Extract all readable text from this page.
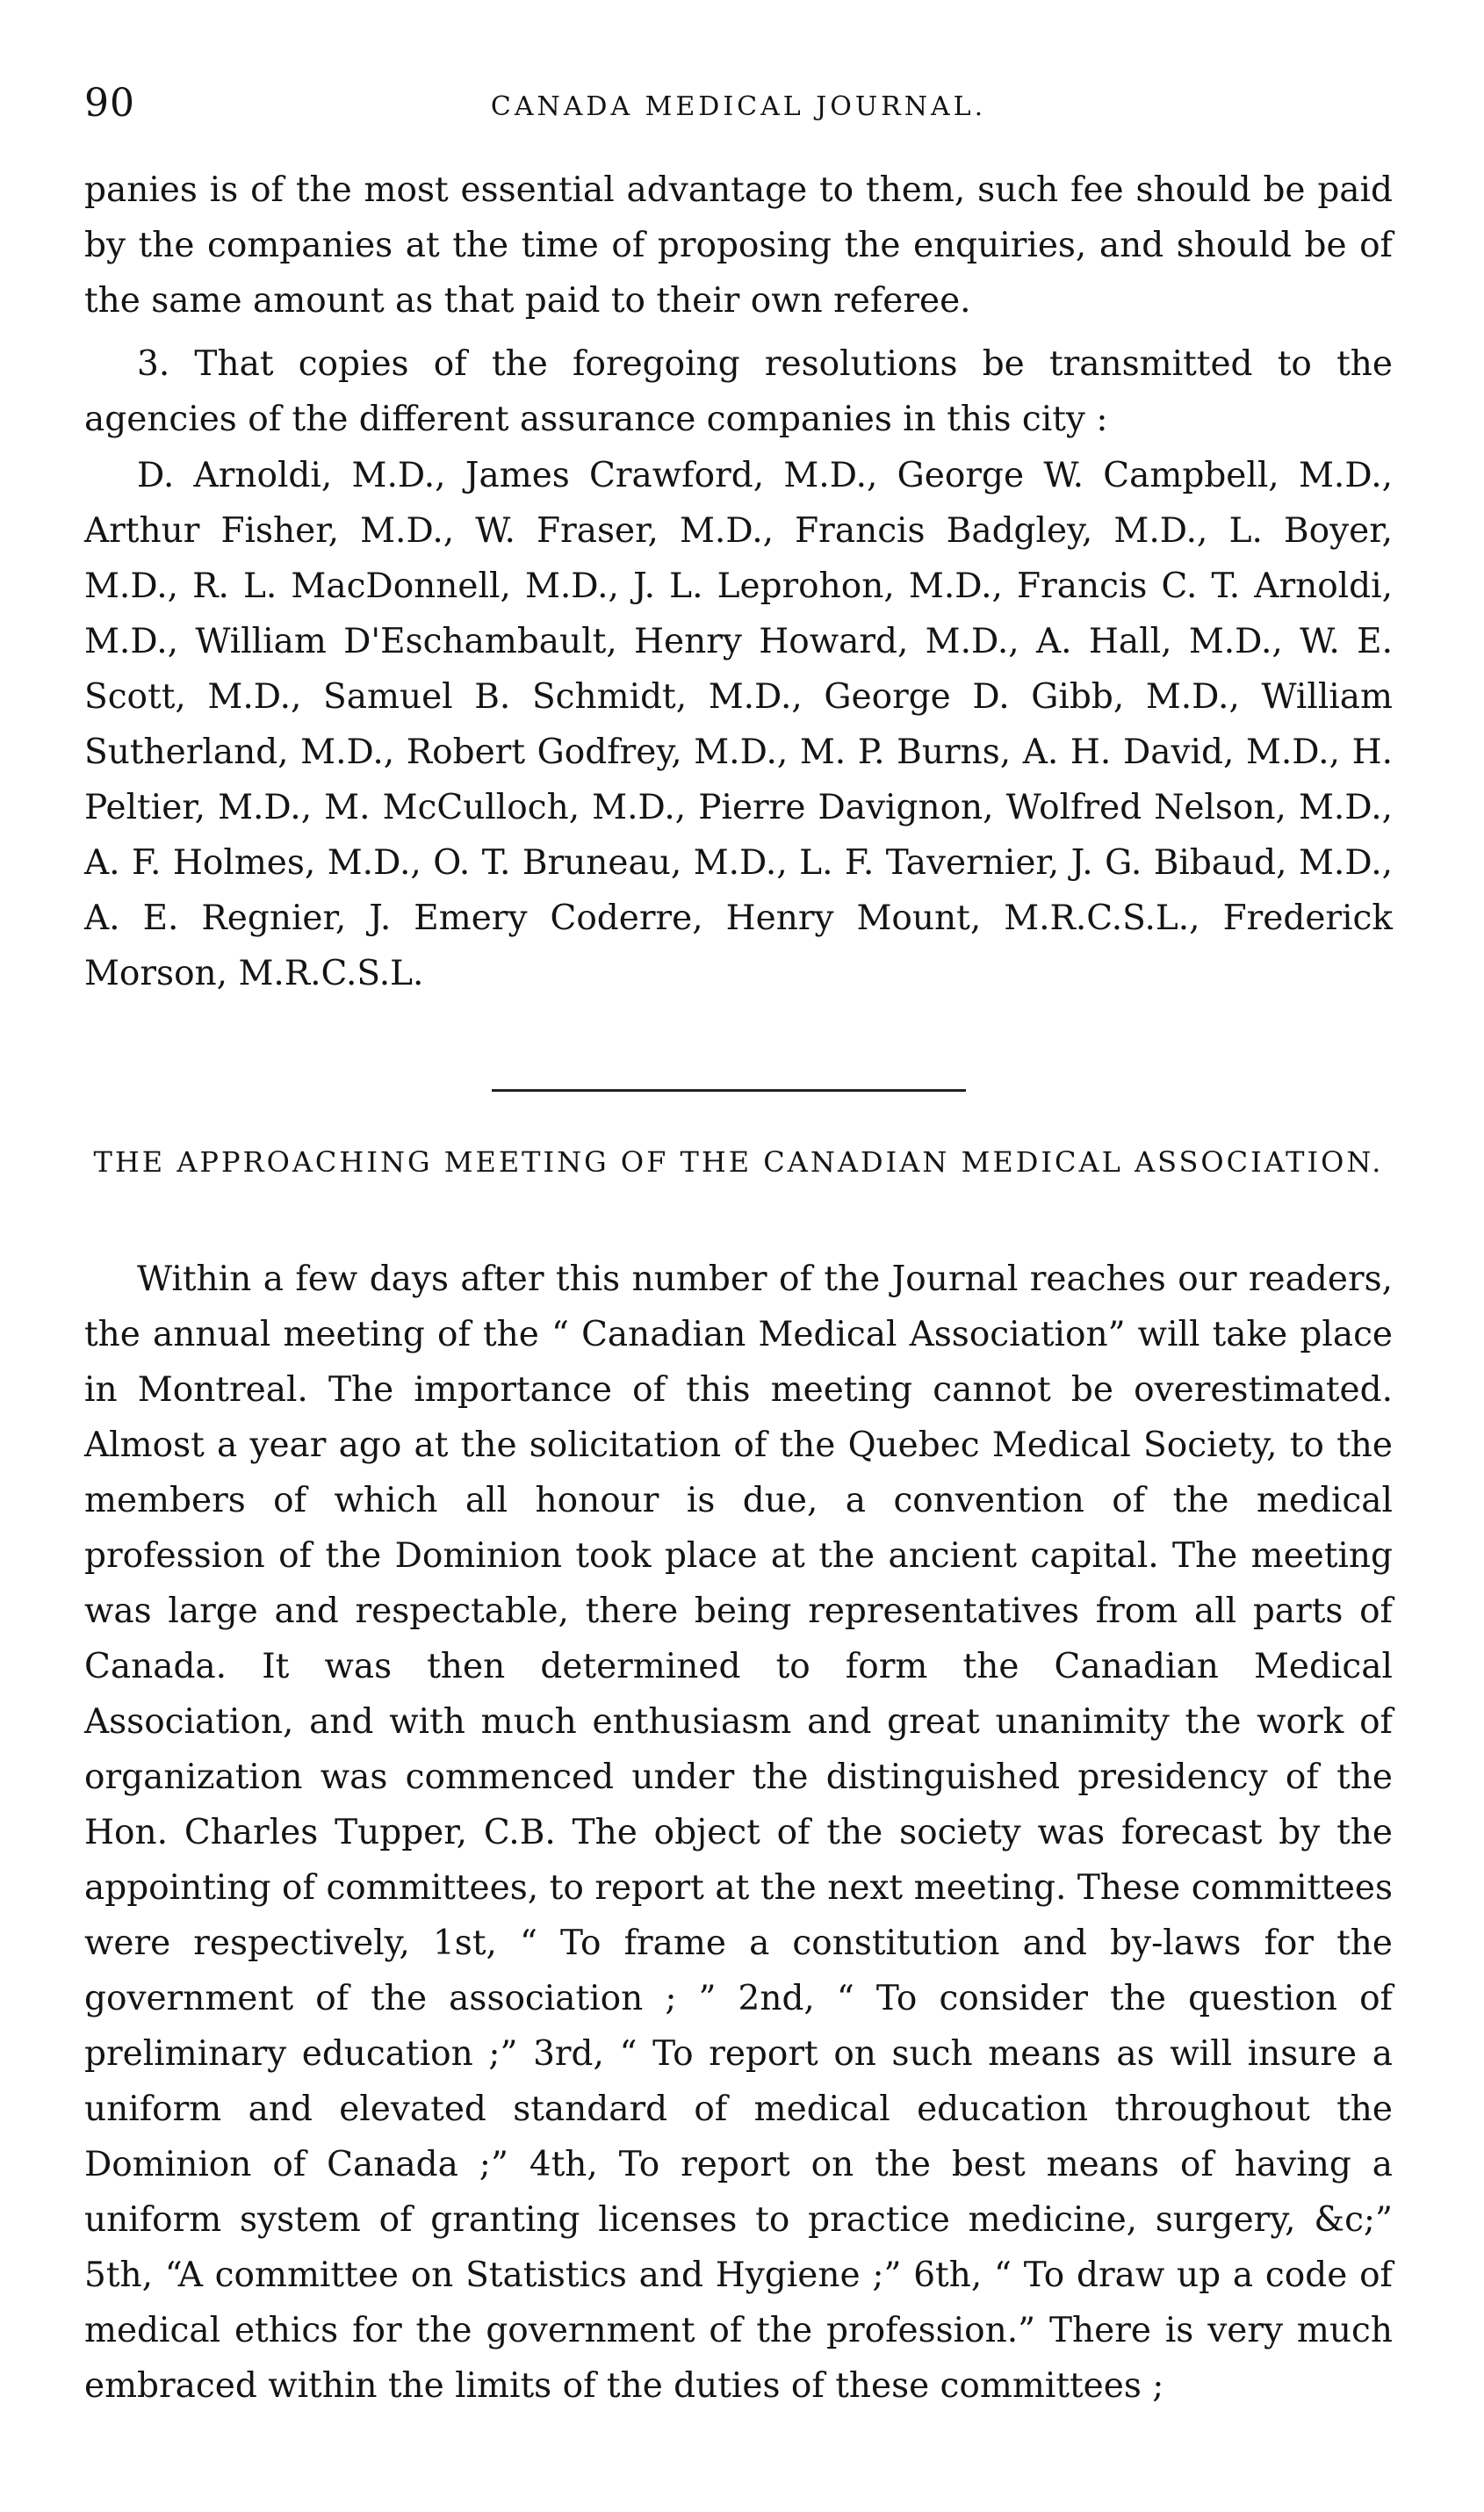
90	CANADA MEDICAL JOURNAL.

panies is of the most essential advantage to them, such fee should be paid by the companies at the time of proposing the enquiries, and should be of the same amount as that paid to their own referee.

3. That copies of the foregoing resolutions be transmitted to the agencies of the different assurance companies in this city :

D. Arnoldi, M.D., James Crawford, M.D., George W. Campbell, M.D., Arthur Fisher, M.D., W. Fraser, M.D., Francis Badgley, M.D., L. Boyer, M.D., R. L. MacDonnell, M.D., J. L. Leprohon, M.D., Francis C. T. Arnoldi, M.D., William D'Eschambault, Henry Howard, M.D., A. Hall, M.D., W. E. Scott, M.D., Samuel B. Schmidt, M.D., George D. Gibb, M.D., William Sutherland, M.D., Robert Godfrey, M.D., M. P. Burns, A. H. David, M.D., H. Peltier, M.D., M. McCulloch, M.D., Pierre Davignon, Wolfred Nelson, M.D., A. F. Holmes, M.D., O. T. Bruneau, M.D., L. F. Tavernier, J. G. Bibaud, M.D., A. E. Regnier, J. Emery Coderre, Henry Mount, M.R.C.S.L., Frederick Morson, M.R.C.S.L.

THE APPROACHING MEETING OF THE CANADIAN MEDICAL ASSOCIATION.

Within a few days after this number of the Journal reaches our readers, the annual meeting of the “ Canadian Medical Association” will take place in Montreal. The importance of this meeting cannot be overestimated. Almost a year ago at the solicitation of the Quebec Medical Society, to the members of which all honour is due, a convention of the medical profession of the Dominion took place at the ancient capital. The meeting was large and respectable, there being representatives from all parts of Canada. It was then determined to form the Canadian Medical Association, and with much enthusiasm and great unanimity the work of organization was commenced under the distinguished presidency of the Hon. Charles Tupper, C.B. The object of the society was forecast by the appointing of committees, to report at the next meeting. These committees were respectively, 1st, “ To frame a constitution and by-laws for the government of the association ; ” 2nd, “ To consider the question of preliminary education ;” 3rd, “ To report on such means as will insure a uniform and elevated standard of medical education throughout the Dominion of Canada ;” 4th, To report on the best means of having a uniform system of granting licenses to practice medicine, surgery, &c;” 5th, “A committee on Statistics and Hygiene ;” 6th, “ To draw up a code of medical ethics for the government of the profession.” There is very much embraced within the limits of the duties of these committees ;
